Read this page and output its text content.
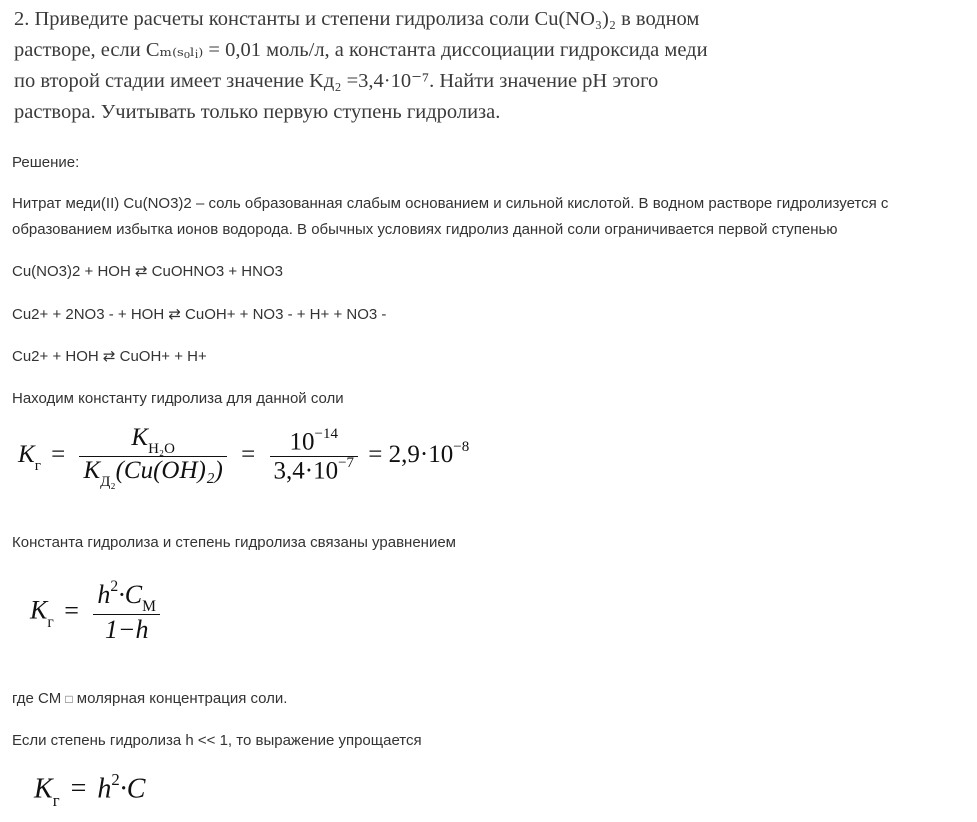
2. Приведите расчеты константы и степени гидролиза соли Cu(NO₃)₂ в водном
растворе, если Cₘ₍ₛₒₗᵢ₎ = 0,01 моль/л, а константа диссоциации гидроксида меди
по второй стадии имеет значение Kд₂ =3,4·10⁻⁷. Найти значение pH этого
раствора. Учитывать только первую ступень гидролиза.
Решение:
Нитрат меди(II) Cu(NO3)2 – соль образованная слабым основанием и сильной кислотой. В водном растворе гидролизуется с
образованием избытка ионов водорода. В обычных условиях гидролиз данной соли ограничивается первой ступенью
Cu(NO3)2 + HOH ⇄ CuOHNO3 + HNO3
Cu2+ + 2NO3 - + HOH ⇄ CuOH+ + NO3 - + H+ + NO3 -
Cu2+ + HOH ⇄ CuOH+ + H+
Находим константу гидролиза для данной соли
$K_г = \frac{K_{H_2O}}{K_{Д_2}(Cu(OH)_2)} = \frac{10^{-14}}{3,4\cdot 10^{-7}} = 2,9\cdot 10^{-8}$
Константа гидролиза и степень гидролиза связаны уравнением
$K_г = \frac{h^2\cdot C_M}{1-h}$
где СМ □ молярная концентрация соли.
Если степень гидролиза h << 1, то выражение упрощается
$K_г = h^2\cdot C$
